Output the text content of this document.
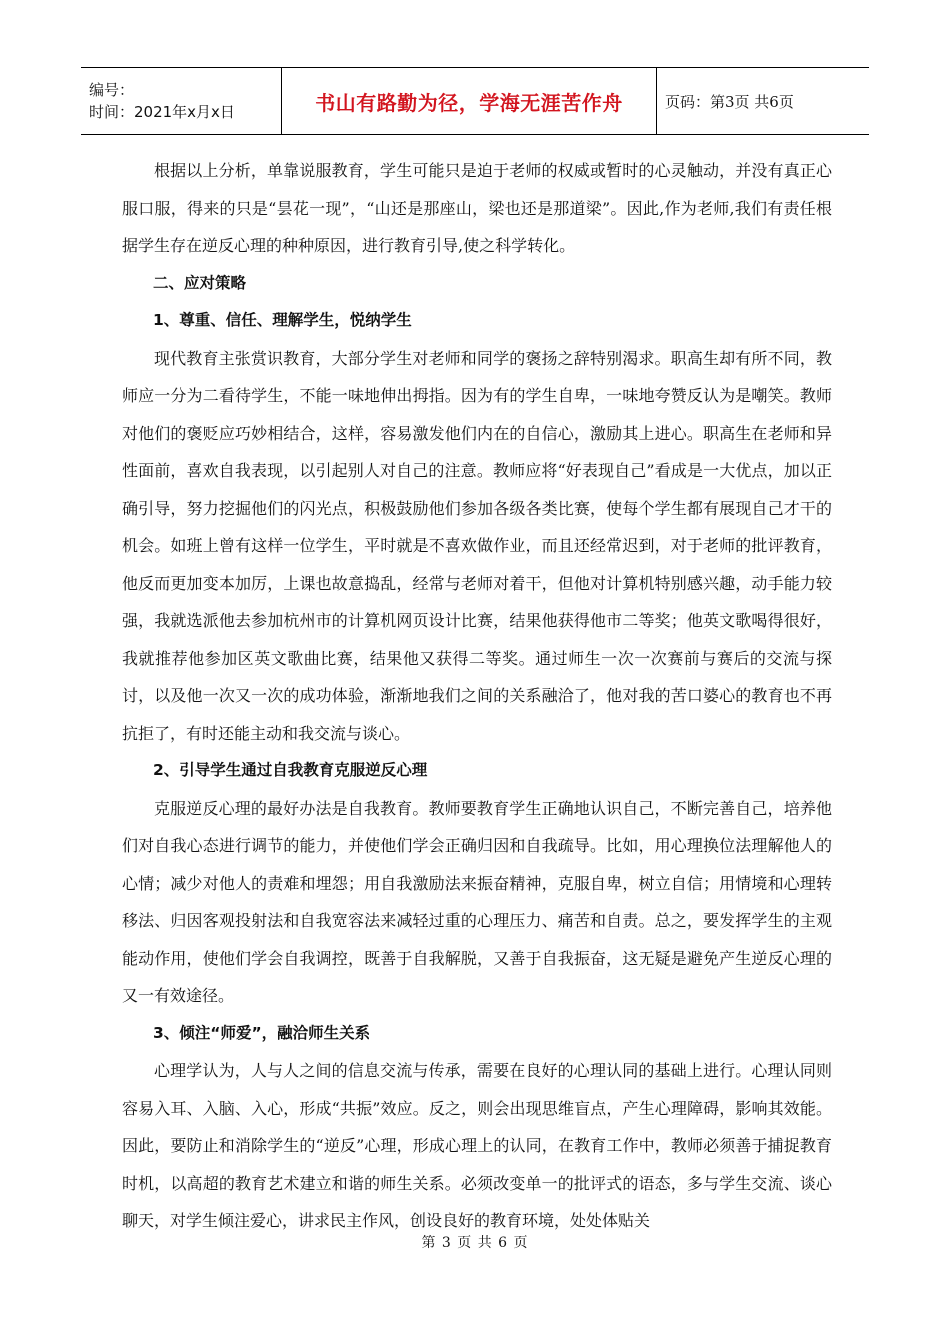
编号：
时间：2021年x月x日	书山有路勤为径，学海无涯苦作舟	页码：第3页 共6页

根据以上分析，单靠说服教育，学生可能只是迫于老师的权威或暂时的心灵触动，并没有真正心服口服，得来的只是“昙花一现”，“山还是那座山，梁也还是那道梁”。因此,作为老师,我们有责任根据学生存在逆反心理的种种原因，进行教育引导,使之科学转化。

二、应对策略

1、尊重、信任、理解学生，悦纳学生

现代教育主张赏识教育，大部分学生对老师和同学的褒扬之辞特别渴求。职高生却有所不同，教师应一分为二看待学生，不能一味地伸出拇指。因为有的学生自卑，一味地夸赞反认为是嘲笑。教师对他们的褒贬应巧妙相结合，这样，容易激发他们内在的自信心，激励其上进心。职高生在老师和异性面前，喜欢自我表现，以引起别人对自己的注意。教师应将“好表现自己”看成是一大优点，加以正确引导，努力挖掘他们的闪光点，积极鼓励他们参加各级各类比赛，使每个学生都有展现自己才干的机会。如班上曾有这样一位学生，平时就是不喜欢做作业，而且还经常迟到，对于老师的批评教育，他反而更加变本加厉，上课也故意捣乱，经常与老师对着干，但他对计算机特别感兴趣，动手能力较强，我就选派他去参加杭州市的计算机网页设计比赛，结果他获得他市二等奖；他英文歌喝得很好，我就推荐他参加区英文歌曲比赛，结果他又获得二等奖。通过师生一次一次赛前与赛后的交流与探讨，以及他一次又一次的成功体验，渐渐地我们之间的关系融洽了，他对我的苦口婆心的教育也不再抗拒了，有时还能主动和我交流与谈心。

2、引导学生通过自我教育克服逆反心理

克服逆反心理的最好办法是自我教育。教师要教育学生正确地认识自己，不断完善自己，培养他们对自我心态进行调节的能力，并使他们学会正确归因和自我疏导。比如，用心理换位法理解他人的心情；减少对他人的责难和埋怨；用自我激励法来振奋精神，克服自卑，树立自信；用情境和心理转移法、归因客观投射法和自我宽容法来减轻过重的心理压力、痛苦和自责。总之，要发挥学生的主观能动作用，使他们学会自我调控，既善于自我解脱，又善于自我振奋，这无疑是避免产生逆反心理的又一有效途径。

3、倾注“师爱”，融洽师生关系

心理学认为，人与人之间的信息交流与传承，需要在良好的心理认同的基础上进行。心理认同则容易入耳、入脑、入心，形成“共振”效应。反之，则会出现思维盲点，产生心理障碍，影响其效能。因此，要防止和消除学生的“逆反”心理，形成心理上的认同，在教育工作中，教师必须善于捕捉教育时机，以高超的教育艺术建立和谐的师生关系。必须改变单一的批评式的语态，多与学生交流、谈心聊天，对学生倾注爱心，讲求民主作风，创设良好的教育环境，处处体贴关

第 3 页 共 6 页
